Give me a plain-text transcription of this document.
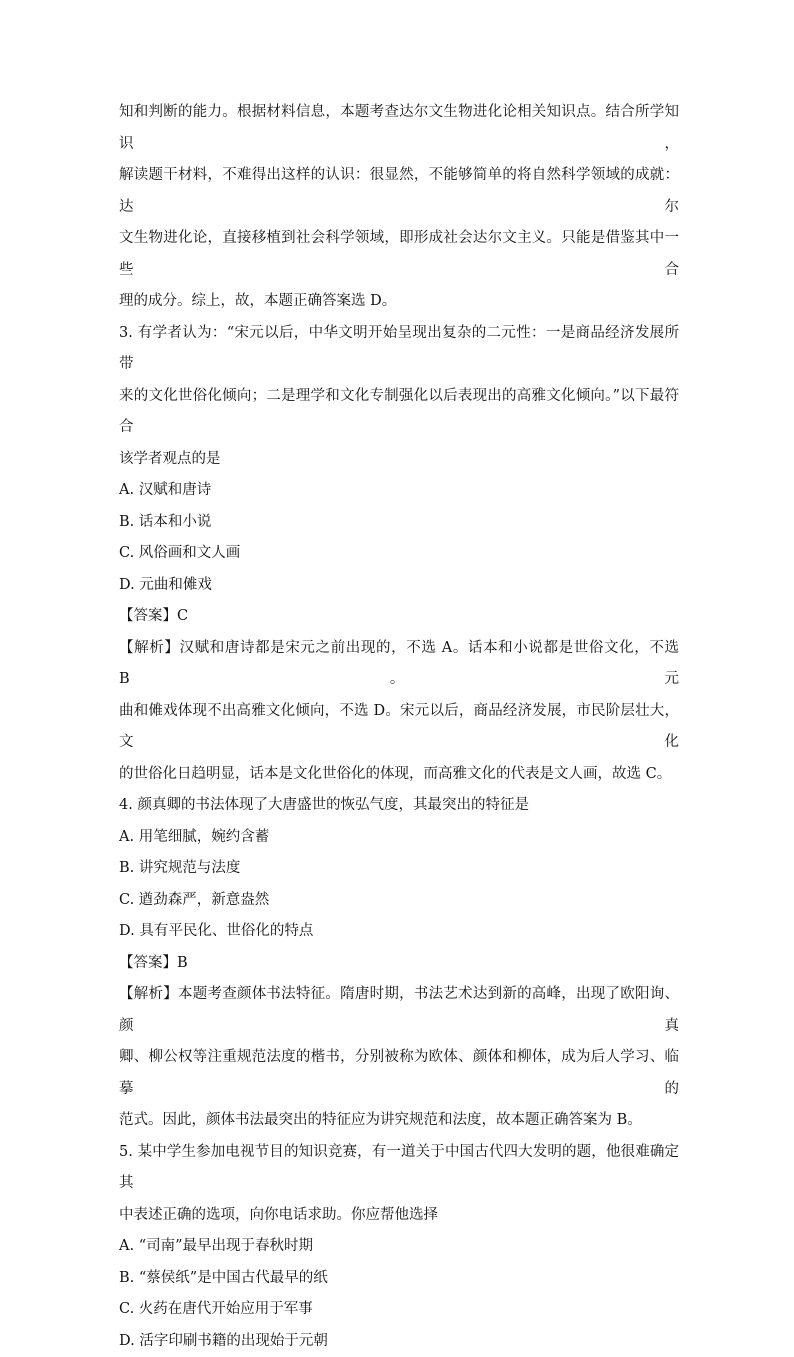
知和判断的能力。根据材料信息，本题考查达尔文生物进化论相关知识点。结合所学知识，

解读题干材料，不难得出这样的认识：很显然，不能够简单的将自然科学领域的成就：达尔

文生物进化论，直接移植到社会科学领域，即形成社会达尔文主义。只能是借鉴其中一些合

理的成分。综上，故，本题正确答案选 D。

3. 有学者认为：“宋元以后，中华文明开始呈现出复杂的二元性：一是商品经济发展所带

来的文化世俗化倾向；二是理学和文化专制强化以后表现出的高雅文化倾向。”以下最符合

该学者观点的是

A. 汉赋和唐诗

B. 话本和小说

C. 风俗画和文人画

D. 元曲和傩戏

【答案】C

【解析】汉赋和唐诗都是宋元之前出现的，不选 A。话本和小说都是世俗文化，不选 B。元

曲和傩戏体现不出高雅文化倾向，不选 D。宋元以后，商品经济发展，市民阶层壮大，文化

的世俗化日趋明显，话本是文化世俗化的体现，而高雅文化的代表是文人画，故选 C。

4. 颜真卿的书法体现了大唐盛世的恢弘气度，其最突出的特征是

A. 用笔细腻，婉约含蓄

B. 讲究规范与法度

C. 遒劲森严，新意盎然

D. 具有平民化、世俗化的特点

【答案】B

【解析】本题考查颜体书法特征。隋唐时期，书法艺术达到新的高峰，出现了欧阳询、颜真

卿、柳公权等注重规范法度的楷书，分别被称为欧体、颜体和柳体，成为后人学习、临摹的

范式。因此，颜体书法最突出的特征应为讲究规范和法度，故本题正确答案为 B。

5. 某中学生参加电视节目的知识竞赛，有一道关于中国古代四大发明的题，他很难确定其

中表述正确的选项，向你电话求助。你应帮他选择

A. “司南”最早出现于春秋时期

B. “蔡侯纸”是中国古代最早的纸

C. 火药在唐代开始应用于军事

D. 活字印刷书籍的出现始于元朝
